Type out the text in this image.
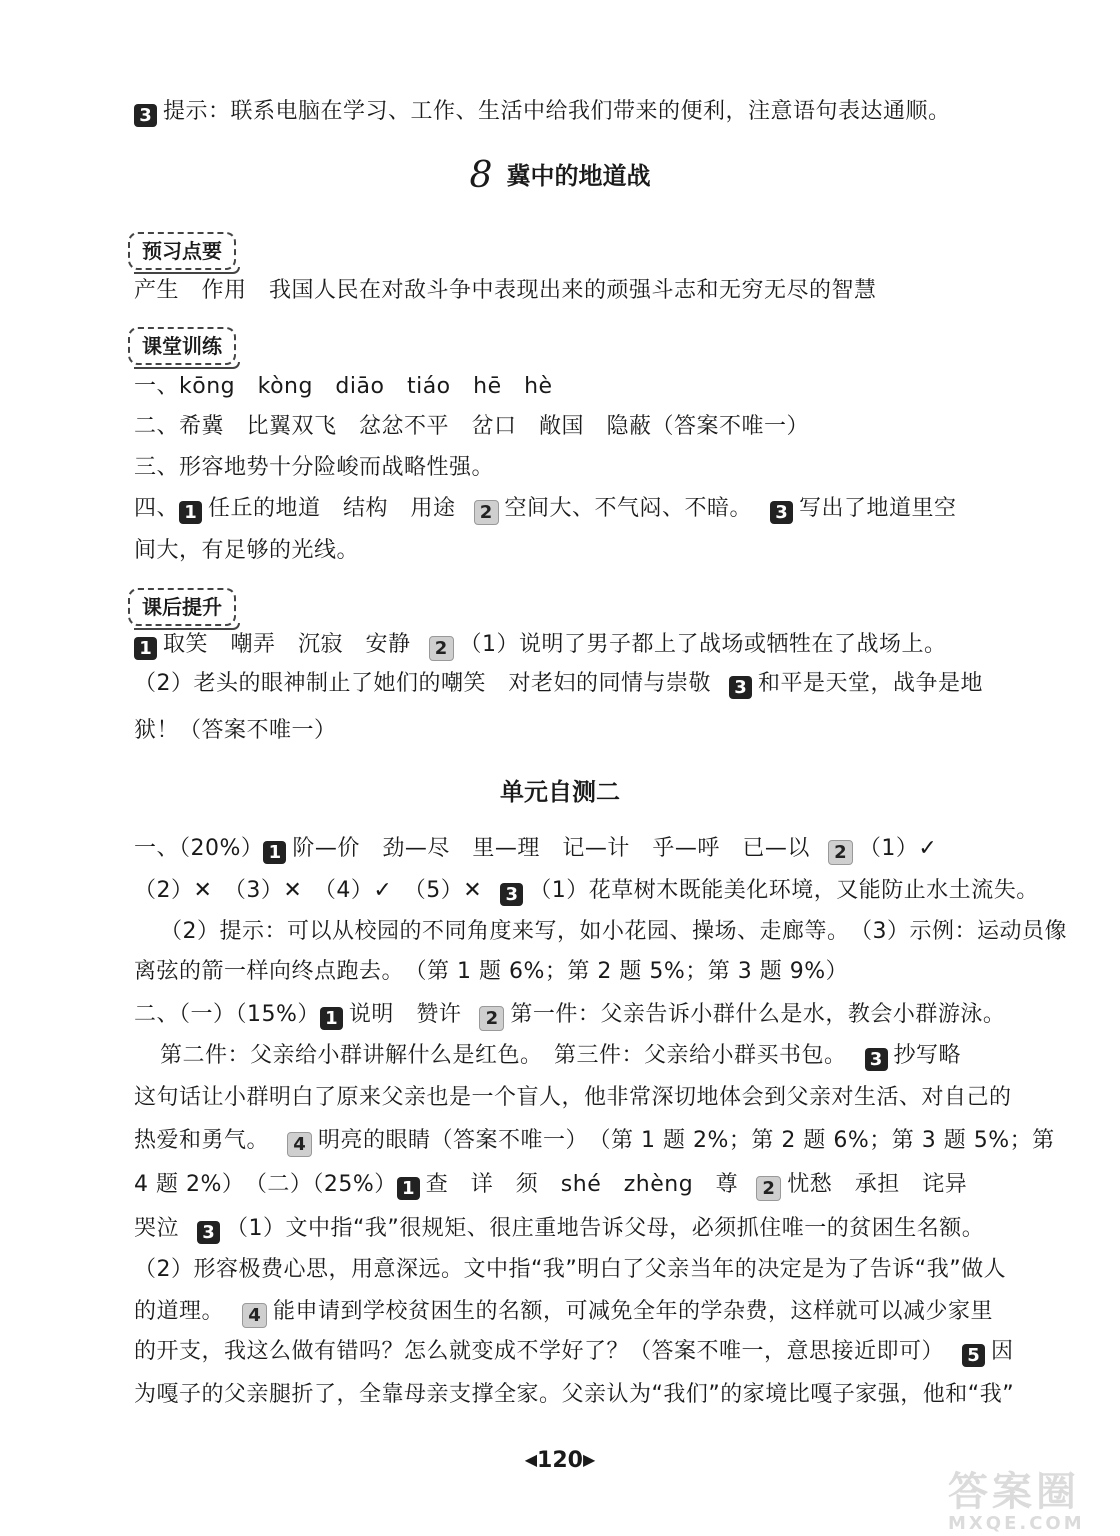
3 提示：联系电脑在学习、工作、生活中给我们带来的便利，注意语句表达通顺。
8 冀中的地道战
预习点要
产生　作用　我国人民在对敌斗争中表现出来的顽强斗志和无穷无尽的智慧
课堂训练
一、kōng　kòng　diāo　tiáo　hē　hè
二、希冀　比翼双飞　忿忿不平　岔口　敞国　隐蔽（答案不唯一）
三、形容地势十分险峻而战略性强。
四、 1 任丘的地道　结构　用途 2 空间大、不气闷、不暗。 3 写出了地道里空
间大，有足够的光线。
课后提升
1 取笑　嘲弄　沉寂　安静 2 （1）说明了男子都上了战场或牺牲在了战场上。
（2）老头的眼神制止了她们的嘲笑　对老妇的同情与崇敬 3 和平是天堂，战争是地
狱！（答案不唯一）
单元自测二
一、（20%） 1 阶—价　劲—尽　里—理　记—计　乎—呼　已—以 2 （1）✓
（2）✕　（3）✕　（4）✓　（5）✕ 3 （1）花草树木既能美化环境，又能防止水土流失。
（2）提示：可以从校园的不同角度来写，如小花园、操场、走廊等。　（3）示例：运动员像
离弦的箭一样向终点跑去。　（第 1 题 6%；第 2 题 5%；第 3 题 9%）
二、（一）（15%） 1 说明　赞许 2 第一件：父亲告诉小群什么是水，教会小群游泳。
第二件：父亲给小群讲解什么是红色。　第三件：父亲给小群买书包。 3 抄写略
这句话让小群明白了原来父亲也是一个盲人，他非常深切地体会到父亲对生活、对自己的
热爱和勇气。 4 明亮的眼睛（答案不唯一）　（第 1 题 2%；第 2 题 6%；第 3 题 5%；第
4 题 2%）　（二）（25%） 1 查　详　须　shé　zhèng　尊 2 忧愁　承担　诧异
哭泣 3 （1）文中指“我”很规矩、很庄重地告诉父母，必须抓住唯一的贫困生名额。
（2）形容极费心思，用意深远。文中指“我”明白了父亲当年的决定是为了告诉“我”做人
的道理。 4 能申请到学校贫困生的名额，可减免全年的学杂费，这样就可以减少家里
的开支，我这么做有错吗？怎么就变成不学好了？（答案不唯一，意思接近即可） 5 因
为嘎子的父亲腿折了，全靠母亲支撑全家。父亲认为“我们”的家境比嘎子家强，他和“我”
◀120▶
答案圈
MXQE.COM
